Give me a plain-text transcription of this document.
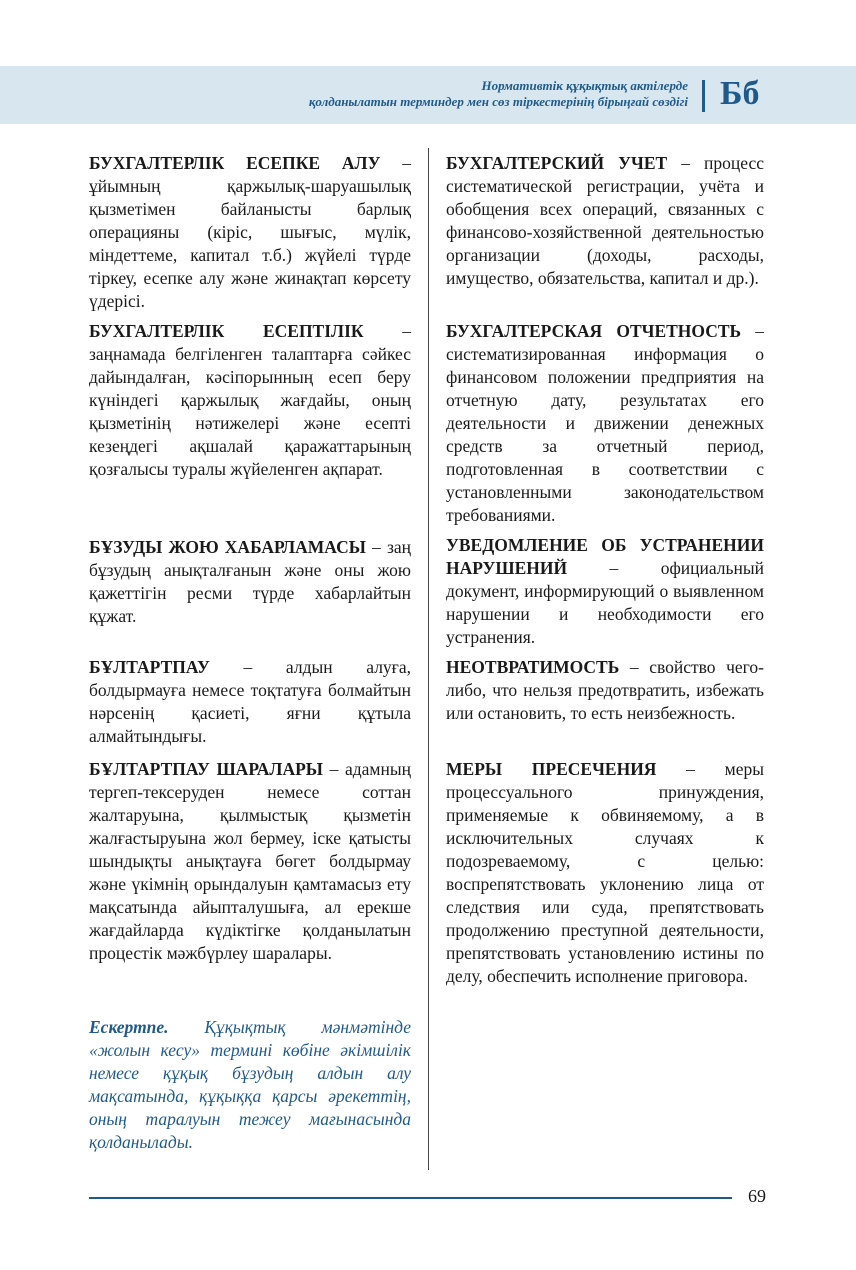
Нормативтік құқықтық актілерде
қолданылатын терминдер мен сөз тіркестерінің бірыңғай сөздігі Бб
БУХГАЛТЕРЛІК ЕСЕПКЕ АЛУ – ұйымның қаржылық-шаруашылық қызметімен байланысты барлық операцияны (кіріс, шығыс, мүлік, міндеттеме, капитал т.б.) жүйелі түрде тіркеу, есепке алу және жинақтап көрсету үдерісі.
БУХГАЛТЕРЛІК ЕСЕПТІЛІК – заңнамада белгіленген талаптарға сәйкес дайындалған, кәсіпорынның есеп беру күніндегі қаржылық жағдайы, оның қызметінің нәтижелері және есепті кезеңдегі ақшалай қаражаттарының қозғалысы туралы жүйеленген ақпарат.
БҰЗУДЫ ЖОЮ ХАБАРЛАМАСЫ – заң бұзудың анықталғанын және оны жою қажеттігін ресми түрде хабарлайтын құжат.
БҰЛТАРТПАУ – алдын алуға, болдырмауға немесе тоқтатуға болмайтын нәрсенің қасиеті, яғни құтыла алмайтындығы.
БҰЛТАРТПАУ ШАРАЛАРЫ – адамның тергеп-тексеруден немесе соттан жалтаруына, қылмыстық қызметін жалғастыруына жол бермеу, іске қатысты шындықты анықтауға бөгет болдырмау және үкімнің орындалуын қамтамасыз ету мақсатында айыпталушыға, ал ерекше жағдайларда күдіктігке қолданылатын процестік мәжбүрлеу шаралары.
Ескертпе. Құқықтық мәнмәтінде «жолын кесу» термині көбіне әкімшілік немесе құқық бұзудың алдын алу мақсатында, құқыққа қарсы әрекеттің, оның таралуын тежеу мағынасында қолданылады.
БУХГАЛТЕРСКИЙ УЧЕТ – процесс систематической регистрации, учёта и обобщения всех операций, связанных с финансово-хозяйственной деятельностью организации (доходы, расходы, имущество, обязательства, капитал и др.).
БУХГАЛТЕРСКАЯ ОТЧЕТНОСТЬ – систематизированная информация о финансовом положении предприятия на отчетную дату, результатах его деятельности и движении денежных средств за отчетный период, подготовленная в соответствии с установленными законодательством требованиями.
УВЕДОМЛЕНИЕ ОБ УСТРАНЕНИИ НАРУШЕНИЙ – официальный документ, информирующий о выявленном нарушении и необходимости его устранения.
НЕОТВРАТИМОСТЬ – свойство чего-либо, что нельзя предотвратить, избежать или остановить, то есть неизбежность.
МЕРЫ ПРЕСЕЧЕНИЯ – меры процессуального принуждения, применяемые к обвиняемому, а в исключительных случаях к подозреваемому, с целью: воспрепятствовать уклонению лица от следствия или суда, препятствовать продолжению преступной деятельности, препятствовать установлению истины по делу, обеспечить исполнение приговора.
69
